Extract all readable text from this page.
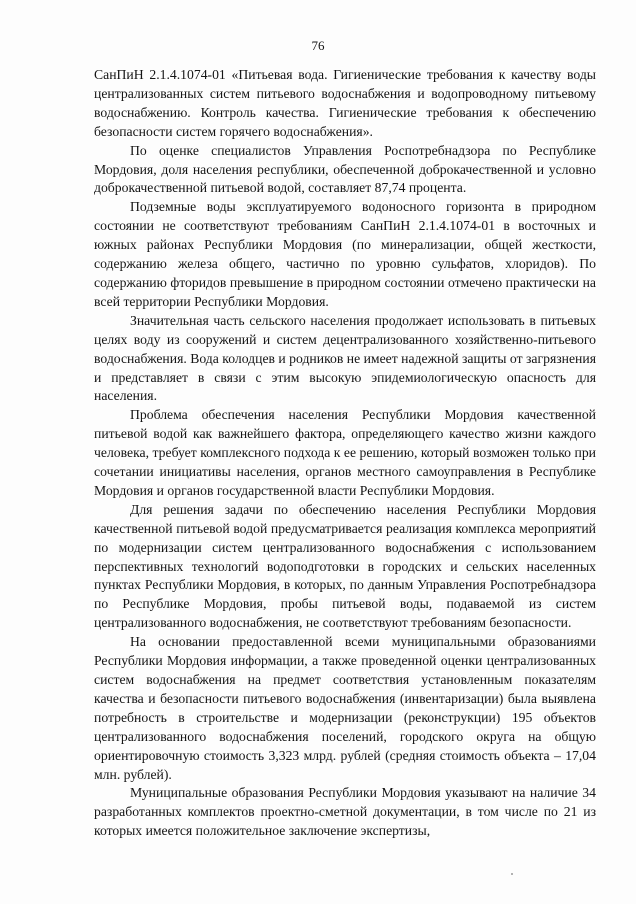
76

СанПиН 2.1.4.1074-01 «Питьевая вода. Гигиенические требования к качеству воды централизованных систем питьевого водоснабжения и водопроводному питьевому водоснабжению. Контроль качества. Гигиенические требования к обеспечению безопасности систем горячего водоснабжения».

По оценке специалистов Управления Роспотребнадзора по Республике Мордовия, доля населения республики, обеспеченной доброкачественной и условно доброкачественной питьевой водой, составляет 87,74 процента.

Подземные воды эксплуатируемого водоносного горизонта в природном состоянии не соответствуют требованиям СанПиН 2.1.4.1074-01 в восточных и южных районах Республики Мордовия (по минерализации, общей жесткости, содержанию железа общего, частично по уровню сульфатов, хлоридов). По содержанию фторидов превышение в природном состоянии отмечено практически на всей территории Республики Мордовия.

Значительная часть сельского населения продолжает использовать в питьевых целях воду из сооружений и систем децентрализованного хозяйственно-питьевого водоснабжения. Вода колодцев и родников не имеет надежной защиты от загрязнения и представляет в связи с этим высокую эпидемиологическую опасность для населения.

Проблема обеспечения населения Республики Мордовия качественной питьевой водой как важнейшего фактора, определяющего качество жизни каждого человека, требует комплексного подхода к ее решению, который возможен только при сочетании инициативы населения, органов местного самоуправления в Республике Мордовия и органов государственной власти Республики Мордовия.

Для решения задачи по обеспечению населения Республики Мордовия качественной питьевой водой предусматривается реализация комплекса мероприятий по модернизации систем централизованного водоснабжения с использованием перспективных технологий водоподготовки в городских и сельских населенных пунктах Республики Мордовия, в которых, по данным Управления Роспотребнадзора по Республике Мордовия, пробы питьевой воды, подаваемой из систем централизованного водоснабжения, не соответствуют требованиям безопасности.

На основании предоставленной всеми муниципальными образованиями Республики Мордовия информации, а также проведенной оценки централизованных систем водоснабжения на предмет соответствия установленным показателям качества и безопасности питьевого водоснабжения (инвентаризации) была выявлена потребность в строительстве и модернизации (реконструкции) 195 объектов централизованного водоснабжения поселений, городского округа на общую ориентировочную стоимость 3,323 млрд. рублей (средняя стоимость объекта – 17,04 млн. рублей).

Муниципальные образования Республики Мордовия указывают на наличие 34 разработанных комплектов проектно-сметной документации, в том числе по 21 из которых имеется положительное заключение экспертизы,
